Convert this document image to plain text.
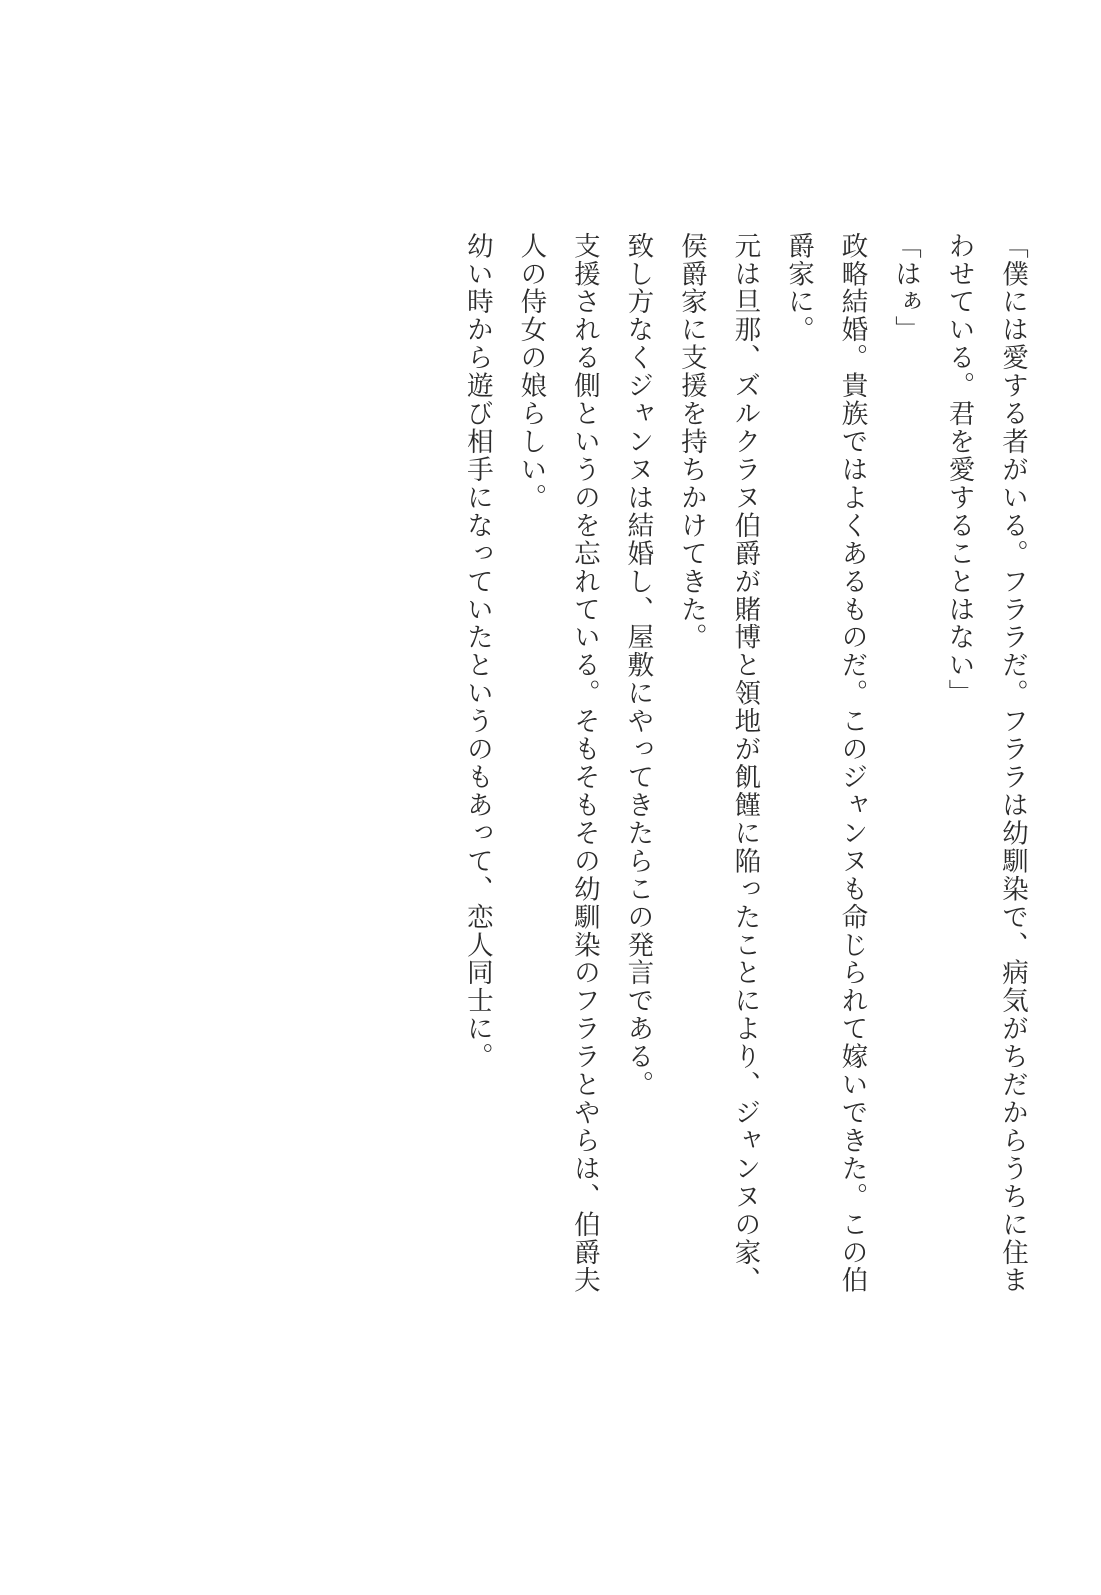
「僕には愛する者がいる。フララだ。フララは幼馴染で、病気がちだからうちに住まわせている。君を愛することはない」

「はぁ」

政略結婚。貴族ではよくあるものだ。このジャンヌも命じられて嫁いできた。この伯爵家に。

元は旦那、ズルクラヌ伯爵が賭博と領地が飢饉に陥ったことにより、ジャンヌの家、侯爵家に支援を持ちかけてきた。

致し方なくジャンヌは結婚し、屋敷にやってきたらこの発言である。

支援される側というのを忘れている。そもそもその幼馴染のフララとやらは、伯爵夫人の侍女の娘らしい。

幼い時から遊び相手になっていたというのもあって、恋人同士に。
